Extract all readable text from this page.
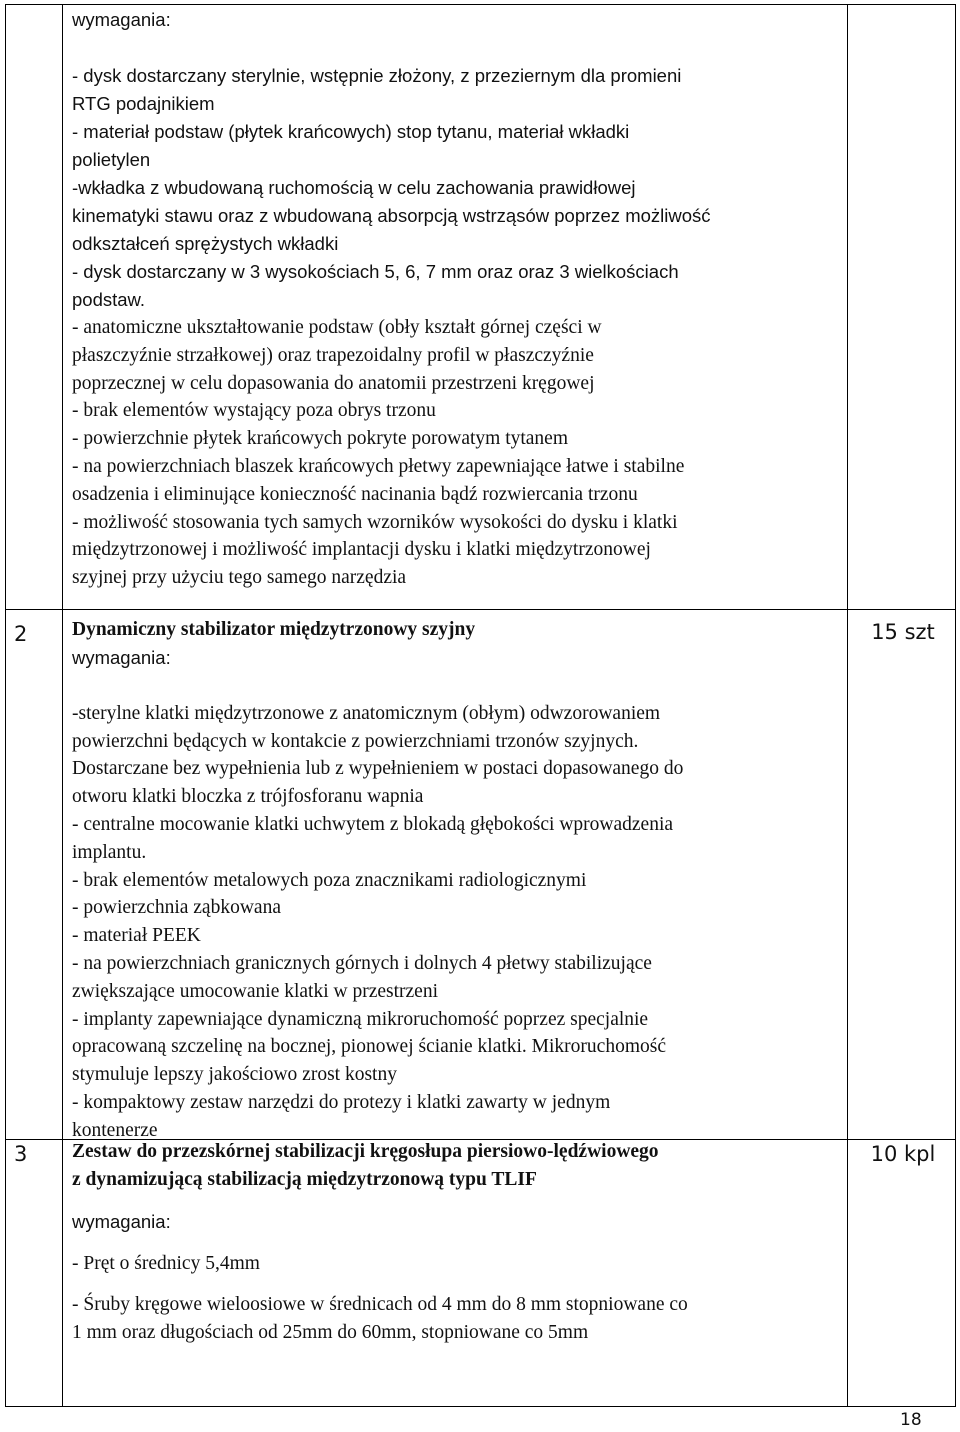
wymagania:
- dysk dostarczany sterylnie, wstępnie złożony, z przeziernym dla promieni
RTG podajnikiem
- materiał podstaw (płytek krańcowych) stop tytanu, materiał wkładki
polietylen
-wkładka z wbudowaną ruchomością w celu zachowania prawidłowej
kinematyki stawu oraz z wbudowaną absorpcją wstrząsów poprzez możliwość
odkształceń sprężystych wkładki
- dysk dostarczany w 3 wysokościach 5, 6, 7 mm oraz oraz 3 wielkościach
podstaw.
- anatomiczne ukształtowanie podstaw (obły kształt górnej części w
płaszczyźnie strzałkowej) oraz trapezoidalny profil w płaszczyźnie
poprzecznej w celu dopasowania do anatomii przestrzeni kręgowej
- brak elementów wystający poza obrys trzonu
- powierzchnie płytek krańcowych pokryte porowatym tytanem
- na powierzchniach blaszek krańcowych płetwy zapewniające łatwe i stabilne
osadzenia i eliminujące konieczność nacinania bądź rozwiercania trzonu
- możliwość stosowania tych samych wzorników wysokości do dysku i klatki
międzytrzonowej i możliwość implantacji dysku i klatki międzytrzonowej
szyjnej przy użyciu tego samego narzędzia
2 Dynamiczny stabilizator międzytrzonowy szyjny
wymagania:
-sterylne klatki międzytrzonowe z anatomicznym (obłym) odwzorowaniem
powierzchni będących w kontakcie z powierzchniami trzonów szyjnych.
Dostarczane bez wypełnienia lub z wypełnieniem w postaci dopasowanego do
otworu klatki bloczka z trójfosforanu wapnia
- centralne mocowanie klatki uchwytem z blokadą głębokości wprowadzenia
implantu.
- brak elementów metalowych poza znacznikami radiologicznymi
- powierzchnia ząbkowana
- materiał PEEK
- na powierzchniach granicznych górnych i dolnych 4 płetwy stabilizujące
zwiększające umocowanie klatki w przestrzeni
- implanty zapewniające dynamiczną mikroruchomość poprzez specjalnie
opracowaną szczelinę na bocznej, pionowej ścianie klatki. Mikroruchomość
stymuluje lepszy jakościowo zrost kostny
- kompaktowy zestaw narzędzi do protezy i klatki zawarty w jednym
kontenerze
15 szt
3 Zestaw do przezskórnej stabilizacji kręgosłupa piersiowo-lędźwiowego
z dynamizującą stabilizacją międzytrzonową typu TLIF
wymagania:
- Pręt o średnicy 5,4mm
- Śruby kręgowe wieloosiowe w średnicach od 4 mm do 8 mm stopniowane co
1 mm oraz długościach od 25mm do 60mm, stopniowane co 5mm
10 kpl
18
